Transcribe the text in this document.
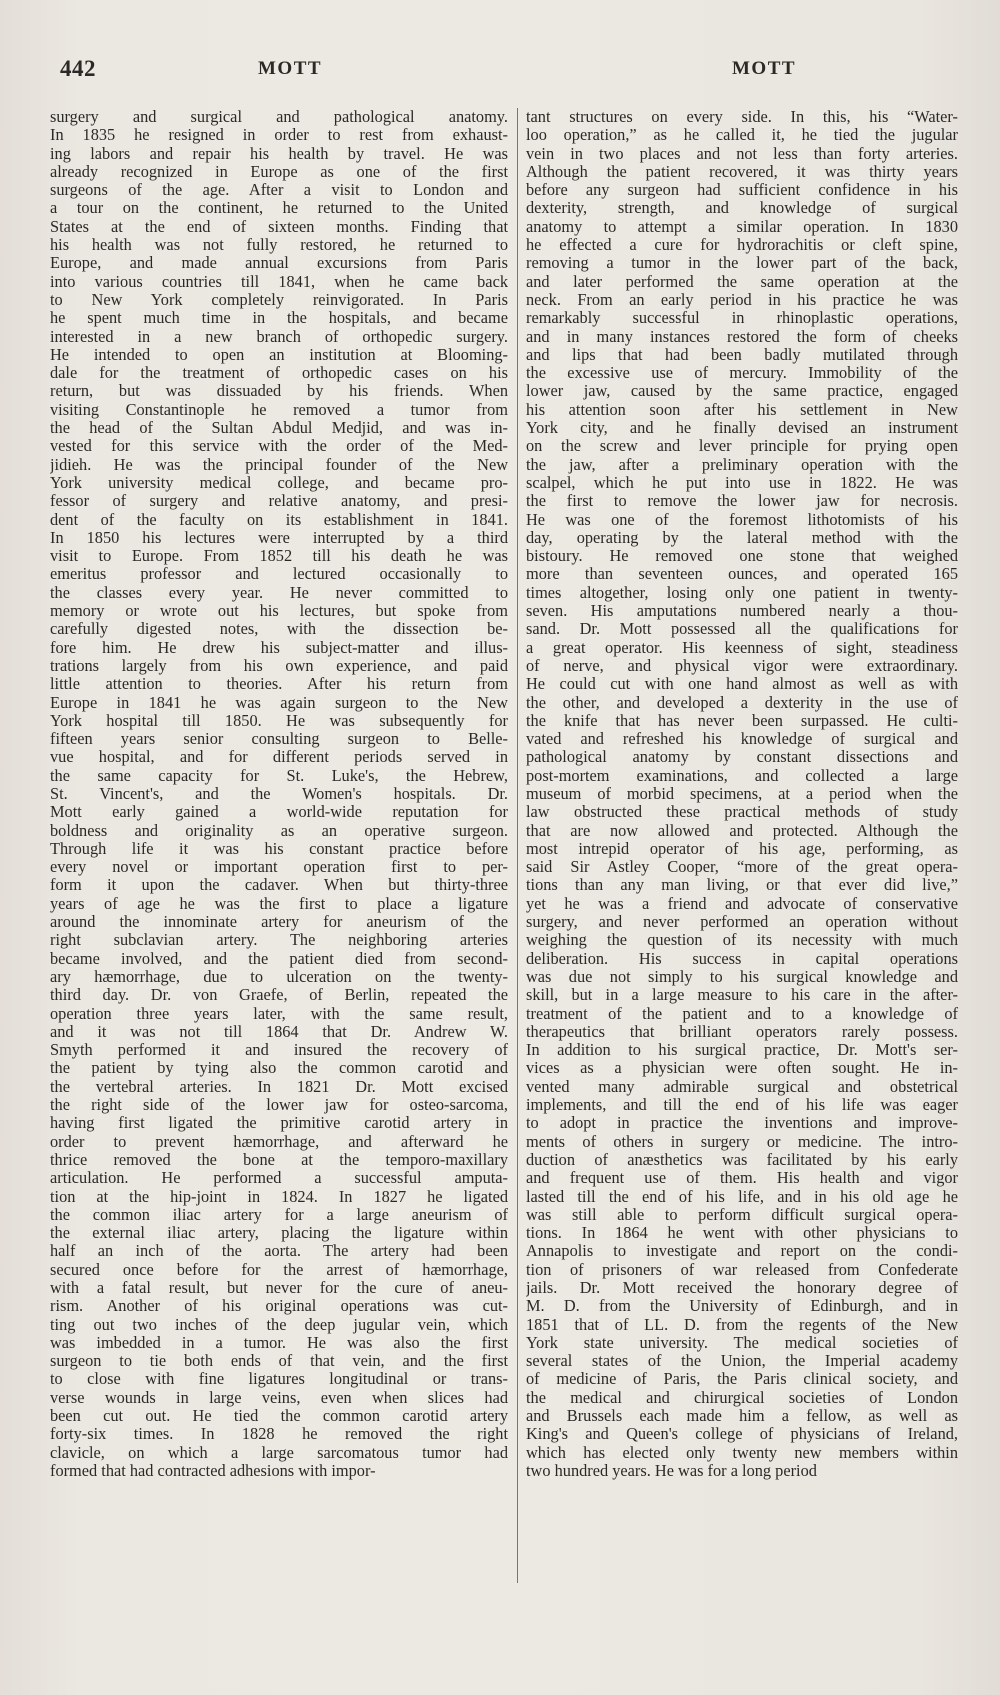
442	MOTT	MOTT
surgery and surgical and pathological anatomy.
In 1835 he resigned in order to rest from exhaust-
ing labors and repair his health by travel. He was
already recognized in Europe as one of the first
surgeons of the age. After a visit to London and
a tour on the continent, he returned to the United
States at the end of sixteen months. Finding that
his health was not fully restored, he returned to
Europe, and made annual excursions from Paris
into various countries till 1841, when he came back
to New York completely reinvigorated. In Paris
he spent much time in the hospitals, and became
interested in a new branch of orthopedic surgery.
He intended to open an institution at Blooming-
dale for the treatment of orthopedic cases on his
return, but was dissuaded by his friends. When
visiting Constantinople he removed a tumor from
the head of the Sultan Abdul Medjid, and was in-
vested for this service with the order of the Med-
jidieh. He was the principal founder of the New
York university medical college, and became pro-
fessor of surgery and relative anatomy, and presi-
dent of the faculty on its establishment in 1841.
In 1850 his lectures were interrupted by a third
visit to Europe. From 1852 till his death he was
emeritus professor and lectured occasionally to
the classes every year. He never committed to
memory or wrote out his lectures, but spoke from
carefully digested notes, with the dissection be-
fore him. He drew his subject-matter and illus-
trations largely from his own experience, and paid
little attention to theories. After his return from
Europe in 1841 he was again surgeon to the New
York hospital till 1850. He was subsequently for
fifteen years senior consulting surgeon to Belle-
vue hospital, and for different periods served in
the same capacity for St. Luke's, the Hebrew,
St. Vincent's, and the Women's hospitals. Dr.
Mott early gained a world-wide reputation for
boldness and originality as an operative surgeon.
Through life it was his constant practice before
every novel or important operation first to per-
form it upon the cadaver. When but thirty-three
years of age he was the first to place a ligature
around the innominate artery for aneurism of the
right subclavian artery. The neighboring arteries
became involved, and the patient died from second-
ary hæmorrhage, due to ulceration on the twenty-
third day. Dr. von Graefe, of Berlin, repeated the
operation three years later, with the same result,
and it was not till 1864 that Dr. Andrew W.
Smyth performed it and insured the recovery of
the patient by tying also the common carotid and
the vertebral arteries. In 1821 Dr. Mott excised
the right side of the lower jaw for osteo-sarcoma,
having first ligated the primitive carotid artery in
order to prevent hæmorrhage, and afterward he
thrice removed the bone at the temporo-maxillary
articulation. He performed a successful amputa-
tion at the hip-joint in 1824. In 1827 he ligated
the common iliac artery for a large aneurism of
the external iliac artery, placing the ligature within
half an inch of the aorta. The artery had been
secured once before for the arrest of hæmorrhage,
with a fatal result, but never for the cure of aneu-
rism. Another of his original operations was cut-
ting out two inches of the deep jugular vein, which
was imbedded in a tumor. He was also the first
surgeon to tie both ends of that vein, and the first
to close with fine ligatures longitudinal or trans-
verse wounds in large veins, even when slices had
been cut out. He tied the common carotid artery
forty-six times. In 1828 he removed the right
clavicle, on which a large sarcomatous tumor had
formed that had contracted adhesions with impor-
tant structures on every side. In this, his “Water-
loo operation,” as he called it, he tied the jugular
vein in two places and not less than forty arteries.
Although the patient recovered, it was thirty years
before any surgeon had sufficient confidence in his
dexterity, strength, and knowledge of surgical
anatomy to attempt a similar operation. In 1830
he effected a cure for hydrorachitis or cleft spine,
removing a tumor in the lower part of the back,
and later performed the same operation at the
neck. From an early period in his practice he was
remarkably successful in rhinoplastic operations,
and in many instances restored the form of cheeks
and lips that had been badly mutilated through
the excessive use of mercury. Immobility of the
lower jaw, caused by the same practice, engaged
his attention soon after his settlement in New
York city, and he finally devised an instrument
on the screw and lever principle for prying open
the jaw, after a preliminary operation with the
scalpel, which he put into use in 1822. He was
the first to remove the lower jaw for necrosis.
He was one of the foremost lithotomists of his
day, operating by the lateral method with the
bistoury. He removed one stone that weighed
more than seventeen ounces, and operated 165
times altogether, losing only one patient in twenty-
seven. His amputations numbered nearly a thou-
sand. Dr. Mott possessed all the qualifications for
a great operator. His keenness of sight, steadiness
of nerve, and physical vigor were extraordinary.
He could cut with one hand almost as well as with
the other, and developed a dexterity in the use of
the knife that has never been surpassed. He culti-
vated and refreshed his knowledge of surgical and
pathological anatomy by constant dissections and
post-mortem examinations, and collected a large
museum of morbid specimens, at a period when the
law obstructed these practical methods of study
that are now allowed and protected. Although the
most intrepid operator of his age, performing, as
said Sir Astley Cooper, “more of the great opera-
tions than any man living, or that ever did live,”
yet he was a friend and advocate of conservative
surgery, and never performed an operation without
weighing the question of its necessity with much
deliberation. His success in capital operations
was due not simply to his surgical knowledge and
skill, but in a large measure to his care in the after-
treatment of the patient and to a knowledge of
therapeutics that brilliant operators rarely possess.
In addition to his surgical practice, Dr. Mott's ser-
vices as a physician were often sought. He in-
vented many admirable surgical and obstetrical
implements, and till the end of his life was eager
to adopt in practice the inventions and improve-
ments of others in surgery or medicine. The intro-
duction of anæsthetics was facilitated by his early
and frequent use of them. His health and vigor
lasted till the end of his life, and in his old age he
was still able to perform difficult surgical opera-
tions. In 1864 he went with other physicians to
Annapolis to investigate and report on the condi-
tion of prisoners of war released from Confederate
jails. Dr. Mott received the honorary degree of
M. D. from the University of Edinburgh, and in
1851 that of LL. D. from the regents of the New
York state university. The medical societies of
several states of the Union, the Imperial academy
of medicine of Paris, the Paris clinical society, and
the medical and chirurgical societies of London
and Brussels each made him a fellow, as well as
King's and Queen's college of physicians of Ireland,
which has elected only twenty new members within
two hundred years. He was for a long period
